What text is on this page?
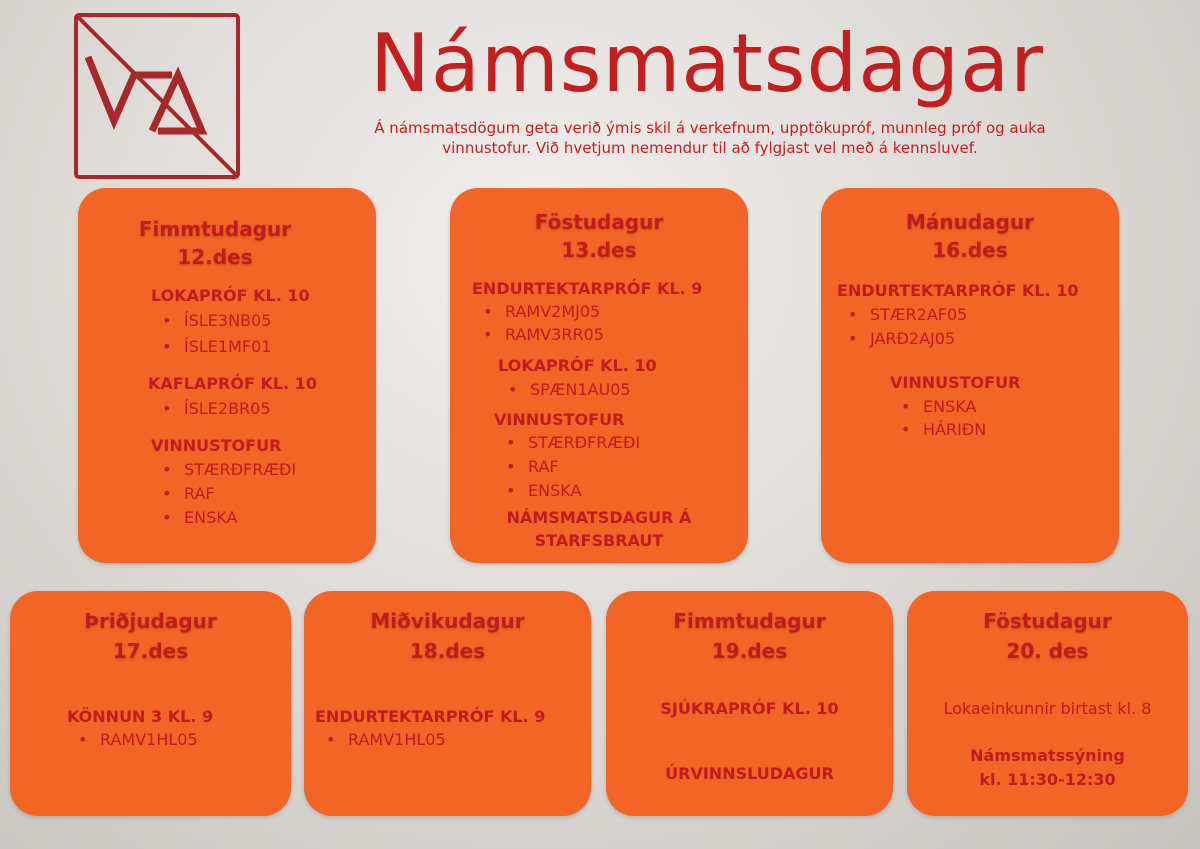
Námsmatsdagar
Á námsmatsdögum geta verið ýmis skil á verkefnum, upptökupróf, munnleg próf og auka
vinnustofur. Við hvetjum nemendur til að fylgjast vel með á kennsluvef.
Fimmtudagur
12.des
LOKAPRÓF KL. 10
• ÍSLE3NB05
• ÍSLE1MF01
KAFLAPRÓF KL. 10
• ÍSLE2BR05
VINNUSTOFUR
• STÆRÐFRÆÐI
• RAF
• ENSKA
Föstudagur
13.des
ENDURTEKTARPRÓF KL. 9
• RAMV2MJ05
• RAMV3RR05
LOKAPRÓF KL. 10
• SPÆN1AU05
VINNUSTOFUR
• STÆRÐFRÆÐI
• RAF
• ENSKA
NÁMSMATSDAGUR Á
STARFSBRAUT
Mánudagur
16.des
ENDURTEKTARPRÓF KL. 10
• STÆR2AF05
• JARÐ2AJ05
VINNUSTOFUR
• ENSKA
• HÁRIÐN
Þriðjudagur
17.des
KÖNNUN 3 KL. 9
• RAMV1HL05
Miðvikudagur
18.des
ENDURTEKTARPRÓF KL. 9
• RAMV1HL05
Fimmtudagur
19.des
SJÚKRAPRÓF KL. 10
ÚRVINNSLUDAGUR
Föstudagur
20. des
Lokaeinkunnir birtast kl. 8
Námsmatssýning
kl. 11:30-12:30
